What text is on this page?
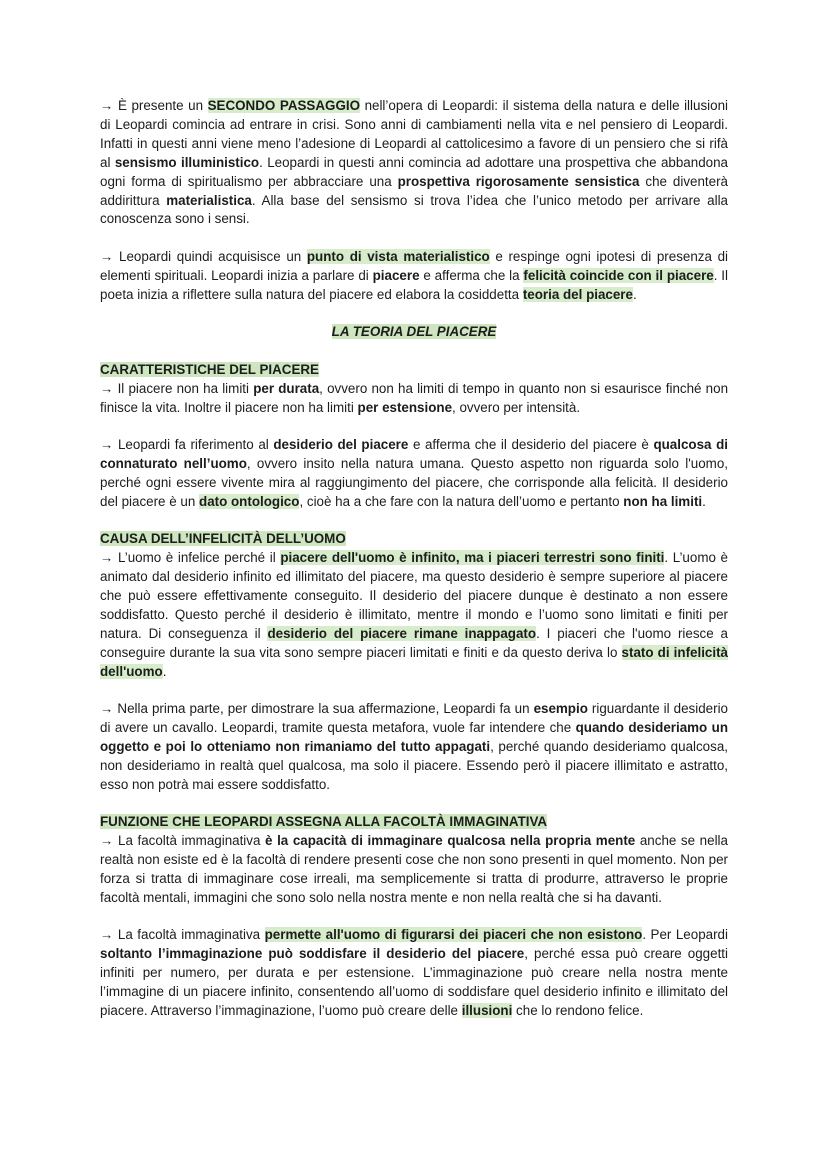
→ È presente un SECONDO PASSAGGIO nell’opera di Leopardi: il sistema della natura e delle illusioni di Leopardi comincia ad entrare in crisi. Sono anni di cambiamenti nella vita e nel pensiero di Leopardi. Infatti in questi anni viene meno l’adesione di Leopardi al cattolicesimo a favore di un pensiero che si rifà al sensismo illuministico. Leopardi in questi anni comincia ad adottare una prospettiva che abbandona ogni forma di spiritualismo per abbracciare una prospettiva rigorosamente sensistica che diventerà addirittura materialistica. Alla base del sensismo si trova l’idea che l’unico metodo per arrivare alla conoscenza sono i sensi.

→ Leopardi quindi acquisisce un punto di vista materialistico e respinge ogni ipotesi di presenza di elementi spirituali. Leopardi inizia a parlare di piacere e afferma che la felicità coincide con il piacere. Il poeta inizia a riflettere sulla natura del piacere ed elabora la cosiddetta teoria del piacere.

LA TEORIA DEL PIACERE
CARATTERISTICHE DEL PIACERE

→ Il piacere non ha limiti per durata, ovvero non ha limiti di tempo in quanto non si esaurisce finché non finisce la vita. Inoltre il piacere non ha limiti per estensione, ovvero per intensità.

→ Leopardi fa riferimento al desiderio del piacere e afferma che il desiderio del piacere è qualcosa di connaturato nell’uomo, ovvero insito nella natura umana. Questo aspetto non riguarda solo l'uomo, perché ogni essere vivente mira al raggiungimento del piacere, che corrisponde alla felicità. Il desiderio del piacere è un dato ontologico, cioè ha a che fare con la natura dell’uomo e pertanto non ha limiti.

CAUSA DELL’INFELICITÀ DELL’UOMO

→ L’uomo è infelice perché il piacere dell'uomo è infinito, ma i piaceri terrestri sono finiti. L’uomo è animato dal desiderio infinito ed illimitato del piacere, ma questo desiderio è sempre superiore al piacere che può essere effettivamente conseguito. Il desiderio del piacere dunque è destinato a non essere soddisfatto. Questo perché il desiderio è illimitato, mentre il mondo e l’uomo sono limitati e finiti per natura. Di conseguenza il desiderio del piacere rimane inappagato. I piaceri che l'uomo riesce a conseguire durante la sua vita sono sempre piaceri limitati e finiti e da questo deriva lo stato di infelicità dell'uomo.

→ Nella prima parte, per dimostrare la sua affermazione, Leopardi fa un esempio riguardante il desiderio di avere un cavallo. Leopardi, tramite questa metafora, vuole far intendere che quando desideriamo un oggetto e poi lo otteniamo non rimaniamo del tutto appagati, perché quando desideriamo qualcosa, non desideriamo in realtà quel qualcosa, ma solo il piacere. Essendo però il piacere illimitato e astratto, esso non potrà mai essere soddisfatto.

FUNZIONE CHE LEOPARDI ASSEGNA ALLA FACOLTÀ IMMAGINATIVA

→ La facoltà immaginativa è la capacità di immaginare qualcosa nella propria mente anche se nella realtà non esiste ed è la facoltà di rendere presenti cose che non sono presenti in quel momento. Non per forza si tratta di immaginare cose irreali, ma semplicemente si tratta di produrre, attraverso le proprie facoltà mentali, immagini che sono solo nella nostra mente e non nella realtà che si ha davanti.

→ La facoltà immaginativa permette all'uomo di figurarsi dei piaceri che non esistono. Per Leopardi soltanto l’immaginazione può soddisfare il desiderio del piacere, perché essa può creare oggetti infiniti per numero, per durata e per estensione. L’immaginazione può creare nella nostra mente l’immagine di un piacere infinito, consentendo all’uomo di soddisfare quel desiderio infinito e illimitato del piacere. Attraverso l’immaginazione, l’uomo può creare delle illusioni che lo rendono felice.
